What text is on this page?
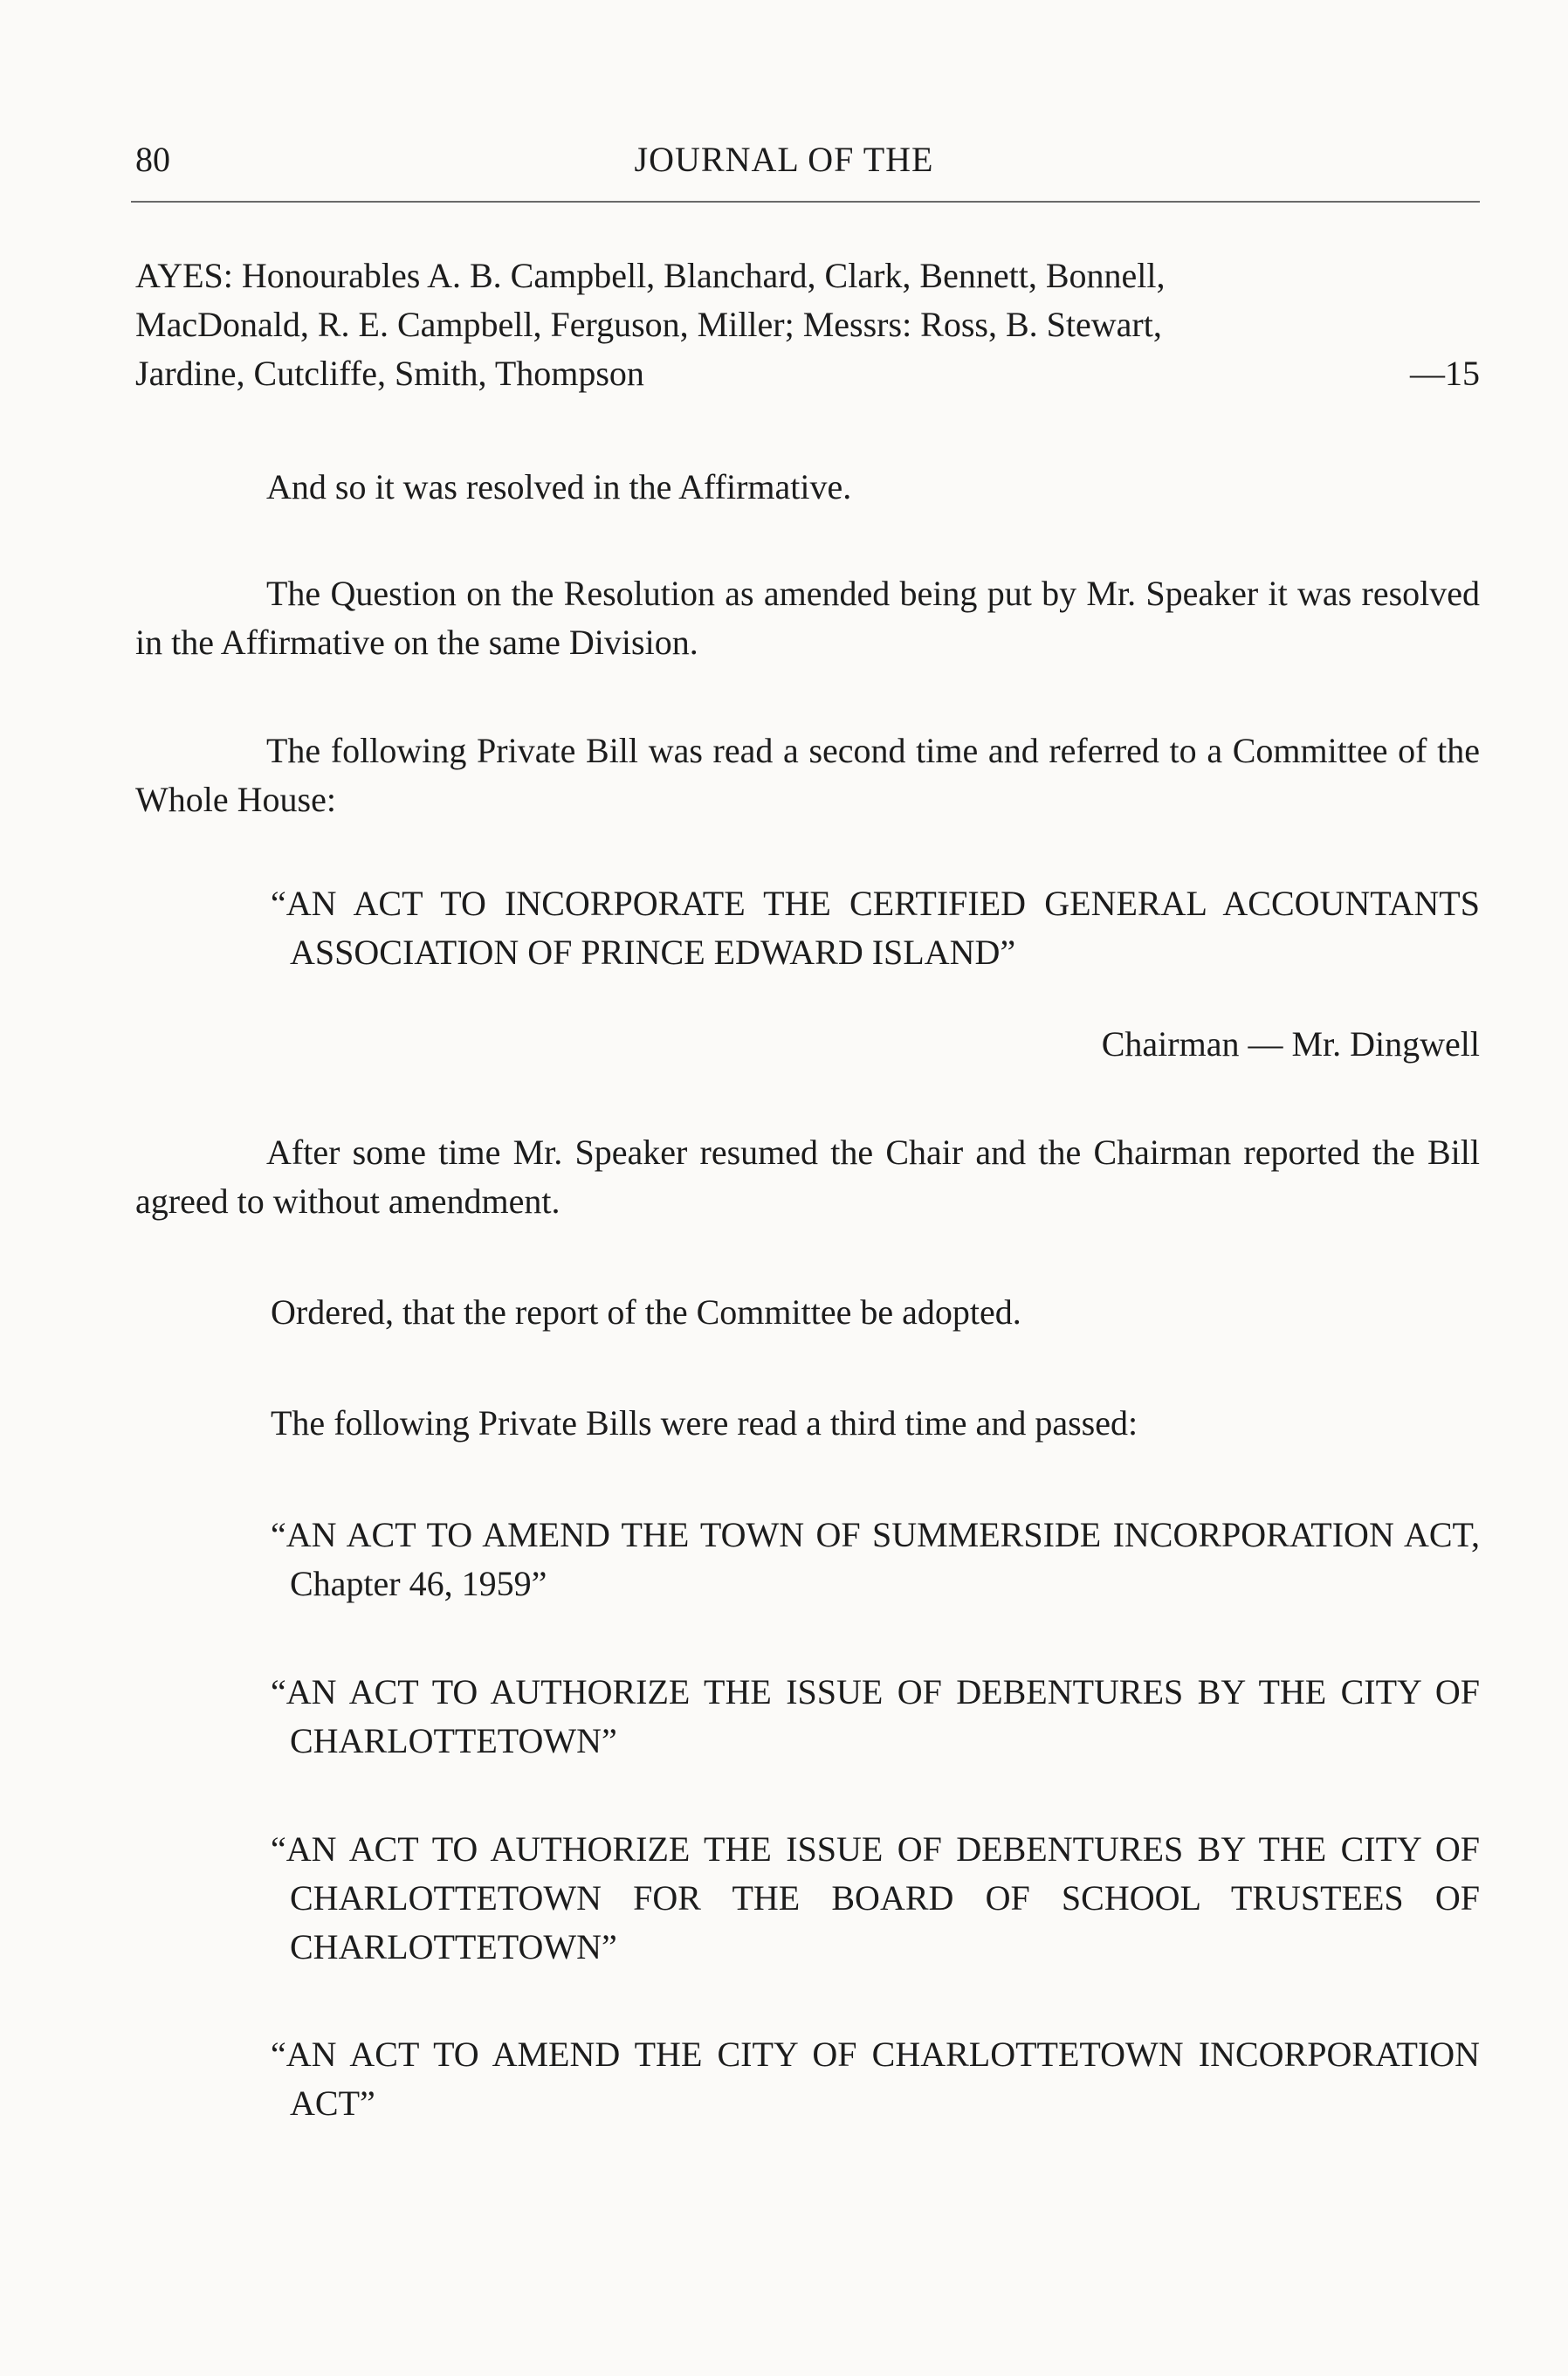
80	JOURNAL OF THE
AYES: Honourables A. B. Campbell, Blanchard, Clark, Bennett, Bonnell,
MacDonald, R. E. Campbell, Ferguson, Miller; Messrs: Ross, B. Stewart,
Jardine, Cutcliffe, Smith, Thompson	—15
And so it was resolved in the Affirmative.
The Question on the Resolution as amended being put by Mr. Speaker it was resolved in the Affirmative on the same Division.
The following Private Bill was read a second time and referred to a Committee of the Whole House:
“AN ACT TO INCORPORATE THE CERTIFIED GENERAL ACCOUNTANTS ASSOCIATION OF PRINCE EDWARD ISLAND”
Chairman — Mr. Dingwell
After some time Mr. Speaker resumed the Chair and the Chairman reported the Bill agreed to without amendment.
Ordered, that the report of the Committee be adopted.
The following Private Bills were read a third time and passed:
“AN ACT TO AMEND THE TOWN OF SUMMERSIDE INCORPORATION ACT, Chapter 46, 1959”
“AN ACT TO AUTHORIZE THE ISSUE OF DEBENTURES BY THE CITY OF CHARLOTTETOWN”
“AN ACT TO AUTHORIZE THE ISSUE OF DEBENTURES BY THE CITY OF CHARLOTTETOWN FOR THE BOARD OF SCHOOL TRUSTEES OF CHARLOTTETOWN”
“AN ACT TO AMEND THE CITY OF CHARLOTTETOWN INCORPORATION ACT”
